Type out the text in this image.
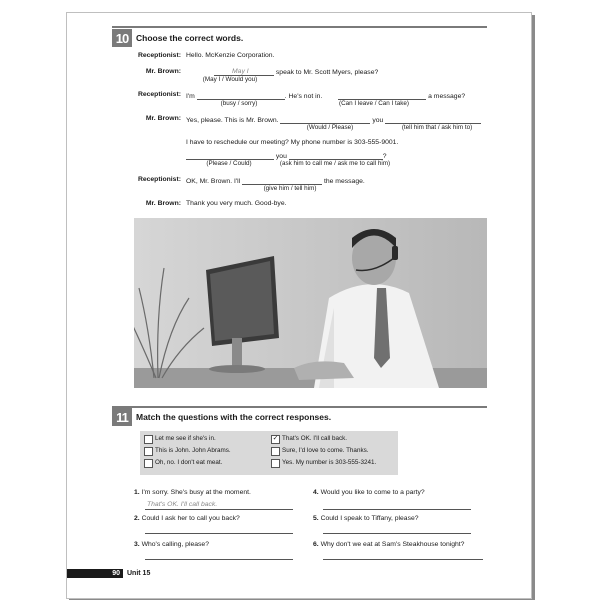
10 Choose the correct words.
Receptionist: Hello. McKenzie Corporation.
Mr. Brown:	May I	speak to Mr. Scott Myers, please?
(May I / Would you)
Receptionist: I'm	. He's not in.	a message?
(busy / sorry)	(Can I leave / Can I take)
Mr. Brown: Yes, please. This is Mr. Brown.	you
(Would / Please)	(tell him that / ask him to)
I have to reschedule our meeting? My phone number is 303-555-9001.
you	?
(Please / Could)	(ask him to call me / ask me to call him)
Receptionist: OK, Mr. Brown. I'll	the message.
(give him / tell him)
Mr. Brown: Thank you very much. Good-bye.
11 Match the questions with the correct responses.
Let me see if she's in.
This is John. John Abrams.
Oh, no. I don't eat meat.
✓ That's OK. I'll call back.
Sure, I'd love to come. Thanks.
Yes. My number is 303-555-3241.
1. I'm sorry. She's busy at the moment.
That's OK. I'll call back.
2. Could I ask her to call you back?
3. Who's calling, please?
4. Would you like to come to a party?
5. Could I speak to Tiffany, please?
6. Why don't we eat at Sam's Steakhouse tonight?
90	Unit 15
